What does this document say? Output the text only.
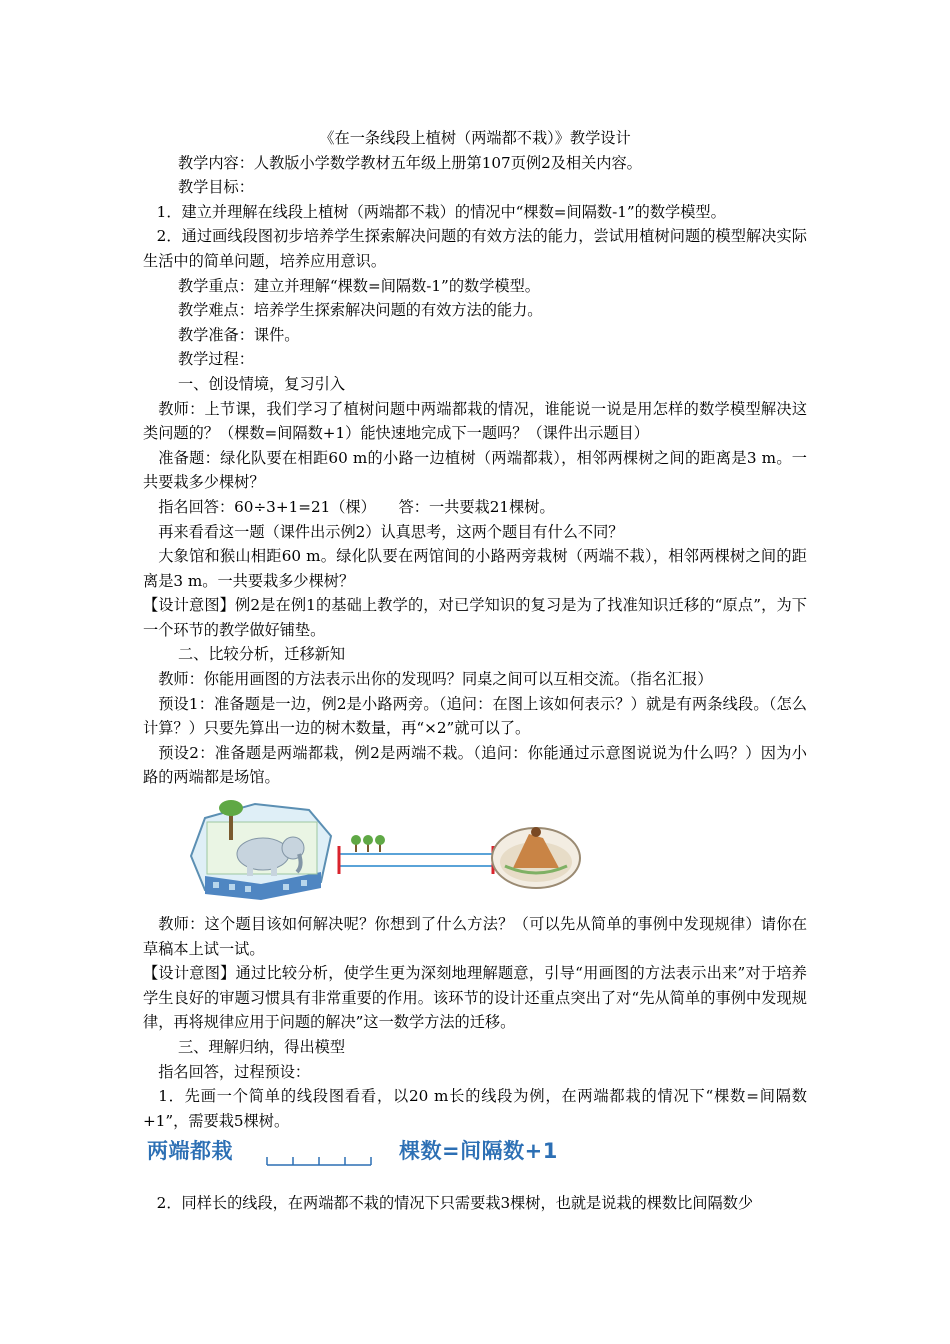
《在一条线段上植树（两端都不栽）》教学设计

教学内容：人教版小学数学教材五年级上册第107页例2及相关内容。

教学目标：

1．建立并理解在线段上植树（两端都不栽）的情况中“棵数=间隔数-1”的数学模型。

2．通过画线段图初步培养学生探索解决问题的有效方法的能力，尝试用植树问题的模型解决实际生活中的简单问题，培养应用意识。

教学重点：建立并理解“棵数=间隔数-1”的数学模型。

教学难点：培养学生探索解决问题的有效方法的能力。

教学准备：课件。

教学过程：

一、创设情境，复习引入

教师：上节课，我们学习了植树问题中两端都栽的情况，谁能说一说是用怎样的数学模型解决这类问题的？（棵数=间隔数+1）能快速地完成下一题吗？（课件出示题目）

准备题：绿化队要在相距60 m的小路一边植树（两端都栽），相邻两棵树之间的距离是3 m。一共要栽多少棵树？

指名回答：60÷3+1=21（棵）　　答：一共要栽21棵树。

再来看看这一题（课件出示例2）认真思考，这两个题目有什么不同？

大象馆和猴山相距60 m。绿化队要在两馆间的小路两旁栽树（两端不栽），相邻两棵树之间的距离是3 m。一共要栽多少棵树？

【设计意图】例2是在例1的基础上教学的，对已学知识的复习是为了找准知识迁移的“原点”，为下一个环节的教学做好铺垫。

二、比较分析，迁移新知

教师：你能用画图的方法表示出你的发现吗？同桌之间可以互相交流。（指名汇报）

预设1：准备题是一边，例2是小路两旁。（追问：在图上该如何表示？）就是有两条线段。（怎么计算？）只要先算出一边的树木数量，再“×2”就可以了。

预设2：准备题是两端都栽，例2是两端不栽。（追问：你能通过示意图说说为什么吗？）因为小路的两端都是场馆。

教师：这个题目该如何解决呢？你想到了什么方法？（可以先从简单的事例中发现规律）请你在草稿本上试一试。

【设计意图】通过比较分析，使学生更为深刻地理解题意，引导“用画图的方法表示出来”对于培养学生良好的审题习惯具有非常重要的作用。该环节的设计还重点突出了对“先从简单的事例中发现规律，再将规律应用于问题的解决”这一数学方法的迁移。

三、理解归纳，得出模型

指名回答，过程预设：

1．先画一个简单的线段图看看，以20 m长的线段为例，在两端都栽的情况下“棵数=间隔数+1”，需要栽5棵树。

两端都栽	棵数=间隔数+1

2．同样长的线段，在两端都不栽的情况下只需要栽3棵树，也就是说栽的棵数比间隔数少
